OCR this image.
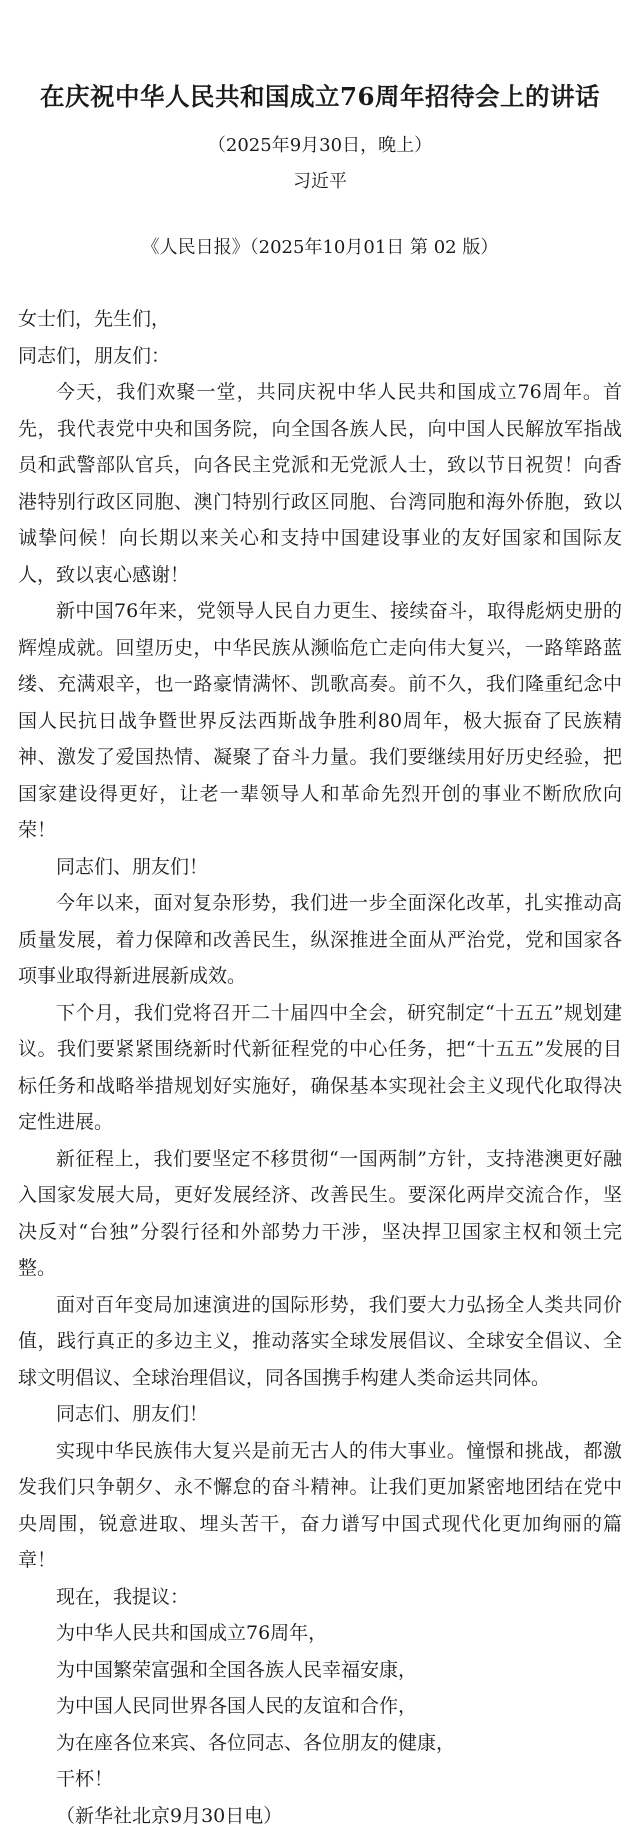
在庆祝中华人民共和国成立76周年招待会上的讲话
（2025年9月30日，晚上）
习近平
《人民日报》（2025年10月01日 第 02 版）
女士们，先生们，
同志们，朋友们：
今天，我们欢聚一堂，共同庆祝中华人民共和国成立76周年。首先，我代表党中央和国务院，向全国各族人民，向中国人民解放军指战员和武警部队官兵，向各民主党派和无党派人士，致以节日祝贺！向香港特别行政区同胞、澳门特别行政区同胞、台湾同胞和海外侨胞，致以诚挚问候！向长期以来关心和支持中国建设事业的友好国家和国际友人，致以衷心感谢！
新中国76年来，党领导人民自力更生、接续奋斗，取得彪炳史册的辉煌成就。回望历史，中华民族从濒临危亡走向伟大复兴，一路筚路蓝缕、充满艰辛，也一路豪情满怀、凯歌高奏。前不久，我们隆重纪念中国人民抗日战争暨世界反法西斯战争胜利80周年，极大振奋了民族精神、激发了爱国热情、凝聚了奋斗力量。我们要继续用好历史经验，把国家建设得更好，让老一辈领导人和革命先烈开创的事业不断欣欣向荣！
同志们、朋友们！
今年以来，面对复杂形势，我们进一步全面深化改革，扎实推动高质量发展，着力保障和改善民生，纵深推进全面从严治党，党和国家各项事业取得新进展新成效。
下个月，我们党将召开二十届四中全会，研究制定“十五五”规划建议。我们要紧紧围绕新时代新征程党的中心任务，把“十五五”发展的目标任务和战略举措规划好实施好，确保基本实现社会主义现代化取得决定性进展。
新征程上，我们要坚定不移贯彻“一国两制”方针，支持港澳更好融入国家发展大局，更好发展经济、改善民生。要深化两岸交流合作，坚决反对“台独”分裂行径和外部势力干涉，坚决捍卫国家主权和领土完整。
面对百年变局加速演进的国际形势，我们要大力弘扬全人类共同价值，践行真正的多边主义，推动落实全球发展倡议、全球安全倡议、全球文明倡议、全球治理倡议，同各国携手构建人类命运共同体。
同志们、朋友们！
实现中华民族伟大复兴是前无古人的伟大事业。憧憬和挑战，都激发我们只争朝夕、永不懈怠的奋斗精神。让我们更加紧密地团结在党中央周围，锐意进取、埋头苦干，奋力谱写中国式现代化更加绚丽的篇章！
现在，我提议：
为中华人民共和国成立76周年，
为中国繁荣富强和全国各族人民幸福安康，
为中国人民同世界各国人民的友谊和合作，
为在座各位来宾、各位同志、各位朋友的健康，
干杯！
（新华社北京9月30日电）
